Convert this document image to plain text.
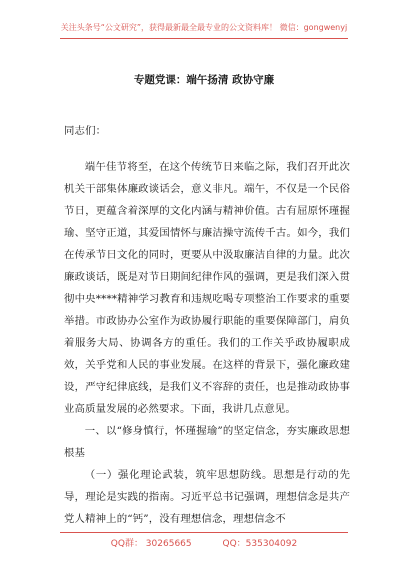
关注头条号“公文研究”，获得最新最全最专业的公文资料库！ 微信：gongwenyj
专题党课：端午扬清 政协守廉

同志们：

端午佳节将至，在这个传统节日来临之际，我们召开此次机关干部集体廉政谈话会，意义非凡。端午，不仅是一个民俗节日，更蕴含着深厚的文化内涵与精神价值。古有屈原怀瑾握瑜、坚守正道，其爱国情怀与廉洁操守流传千古。如今，我们在传承节日文化的同时，更要从中汲取廉洁自律的力量。此次廉政谈话，既是对节日期间纪律作风的强调，更是我们深入贯彻中央****精神学习教育和违规吃喝专项整治工作要求的重要举措。市政协办公室作为政协履行职能的重要保障部门，肩负着服务大局、协调各方的重任。我们的工作关乎政协履职成效，关乎党和人民的事业发展。在这样的背景下，强化廉政建设，严守纪律底线，是我们义不容辞的责任，也是推动政协事业高质量发展的必然要求。下面，我讲几点意见。

一、以“修身慎行，怀瑾握瑜”的坚定信念，夯实廉政思想根基

（一）强化理论武装，筑牢思想防线。思想是行动的先导，理论是实践的指南。习近平总书记强调，理想信念是共产党人精神上的“钙”，没有理想信念，理想信念不

QQ群： 30265665	QQ：535304092
